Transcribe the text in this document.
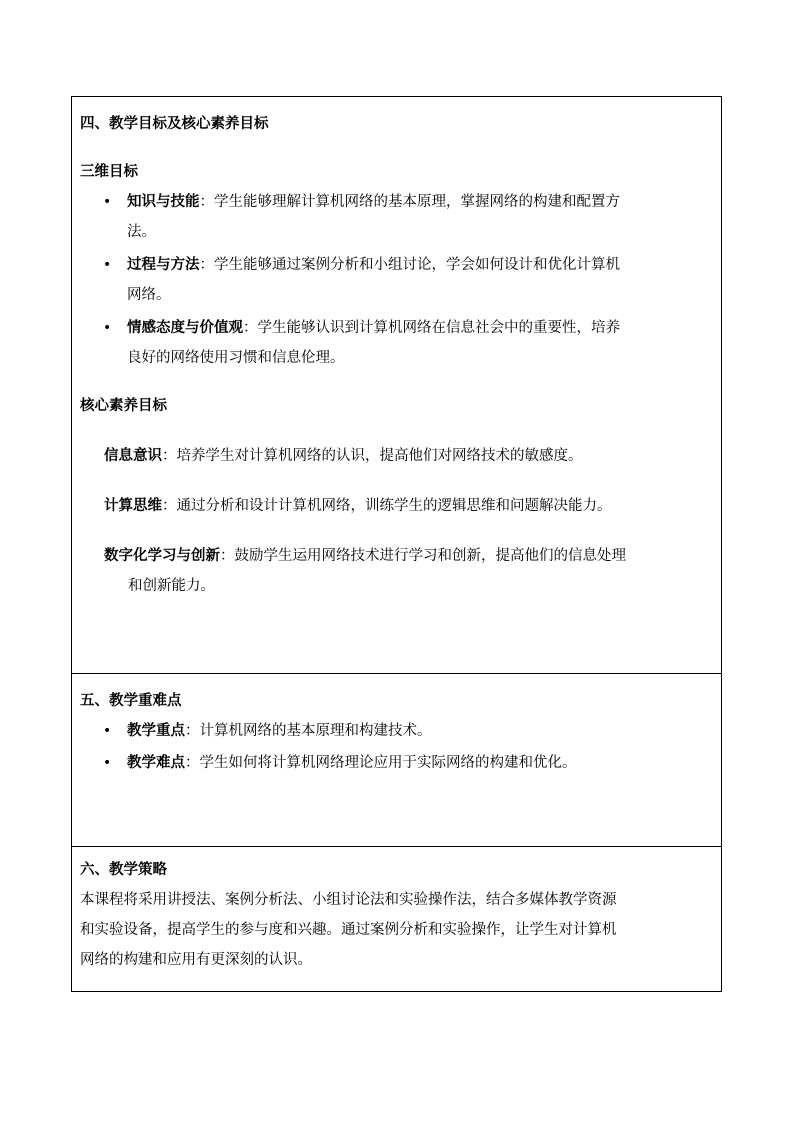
四、教学目标及核心素养目标
三维目标
• 知识与技能：学生能够理解计算机网络的基本原理，掌握网络的构建和配置方
法。
• 过程与方法：学生能够通过案例分析和小组讨论，学会如何设计和优化计算机
网络。
• 情感态度与价值观：学生能够认识到计算机网络在信息社会中的重要性，培养
良好的网络使用习惯和信息伦理。
核心素养目标
信息意识：培养学生对计算机网络的认识，提高他们对网络技术的敏感度。
计算思维：通过分析和设计计算机网络，训练学生的逻辑思维和问题解决能力。
数字化学习与创新：鼓励学生运用网络技术进行学习和创新，提高他们的信息处理
和创新能力。

五、教学重难点
• 教学重点：计算机网络的基本原理和构建技术。
• 教学难点：学生如何将计算机网络理论应用于实际网络的构建和优化。

六、教学策略
本课程将采用讲授法、案例分析法、小组讨论法和实验操作法，结合多媒体教学资源
和实验设备，提高学生的参与度和兴趣。通过案例分析和实验操作，让学生对计算机
网络的构建和应用有更深刻的认识。
